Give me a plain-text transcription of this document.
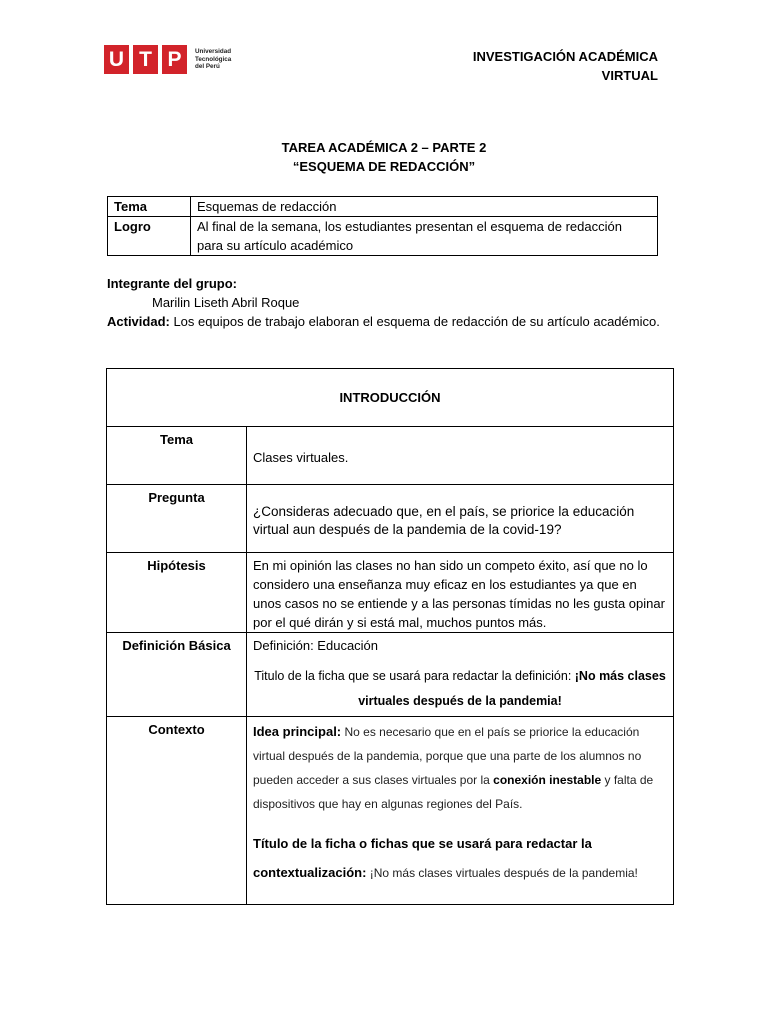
U T P	Universidad
Tecnológica
del Perú
INVESTIGACIÓN ACADÉMICA
VIRTUAL
TAREA ACADÉMICA 2 – PARTE 2
“ESQUEMA DE REDACCIÓN”
Tema	Esquemas de redacción
Logro	Al final de la semana, los estudiantes presentan el esquema de redacción para su artículo académico
Integrante del grupo:
Marilin Liseth Abril Roque
Actividad: Los equipos de trabajo elaboran el esquema de redacción de su artículo académico.
INTRODUCCIÓN	
Tema	Clases virtuales.
Pregunta	¿Consideras adecuado que, en el país, se priorice la educación virtual aun después de la pandemia de la covid-19?
Hipótesis	En mi opinión las clases no han sido un competo éxito, así que no lo considero una enseñanza muy eficaz en los estudiantes ya que en unos casos no se entiende y a las personas tímidas no les gusta opinar por el qué dirán y si está mal, muchos puntos más.
Definición Básica	Definición: Educación
Titulo de la ficha que se usará para redactar la definición: ¡No más clases virtuales después de la pandemia!

Contexto	Idea principal: No es necesario que en el país se priorice la educación virtual después de la pandemia, porque que una parte de los alumnos no pueden acceder a sus clases virtuales por la conexión inestable y falta de dispositivos que hay en algunas regiones del País.
Título de la ficha o fichas que se usará para redactar la contextualización: ¡No más clases virtuales después de la pandemia!
